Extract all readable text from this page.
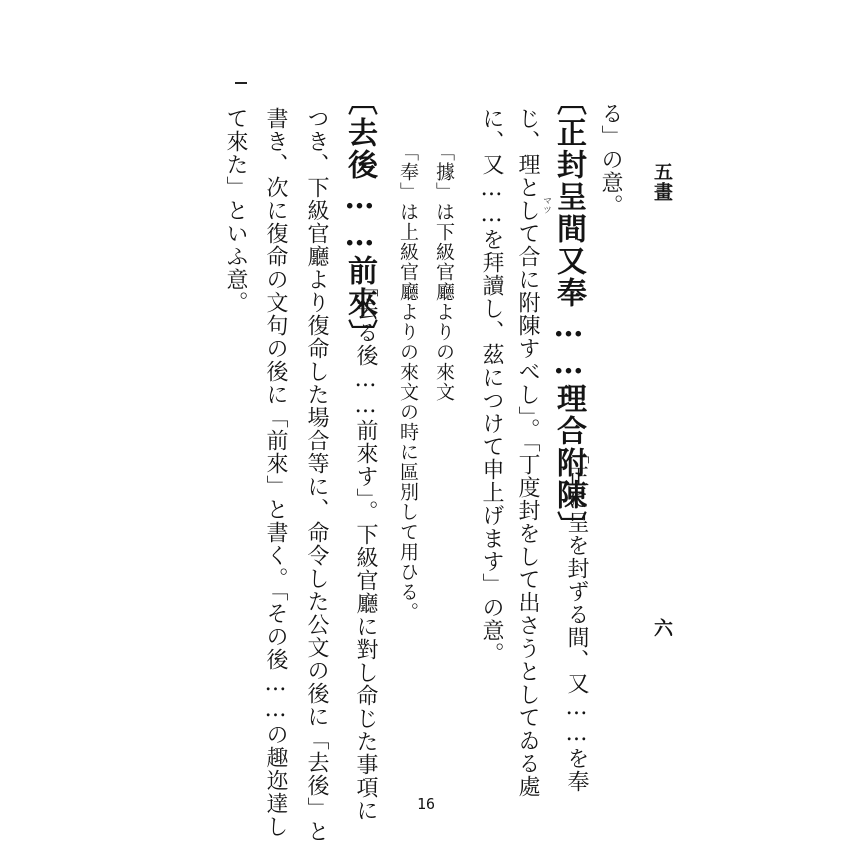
五畫
六
る」の意。
〔正封呈間又奉……理合附陳〕
「正に呈を封ずる間、又……を奉
じ、理として合に附陳すべし」。「丁度封をして出さうとしてゐる處 マツ
に、又……を拜讀し、茲につけて申上げます」の意。
「據」は下級官廳よりの來文
「奉」は上級官廳よりの來文の時に區別して用ひる。
〔去後……前來〕
「去る後……前來す」。下級官廳に對し命じた事項に
つき、下級官廳より復命した場合等に、命令した公文の後に「去後」と
書き、次に復命の文句の後に「前來」と書く。「その後……の趣迩達し
て來た」といふ意。
16
